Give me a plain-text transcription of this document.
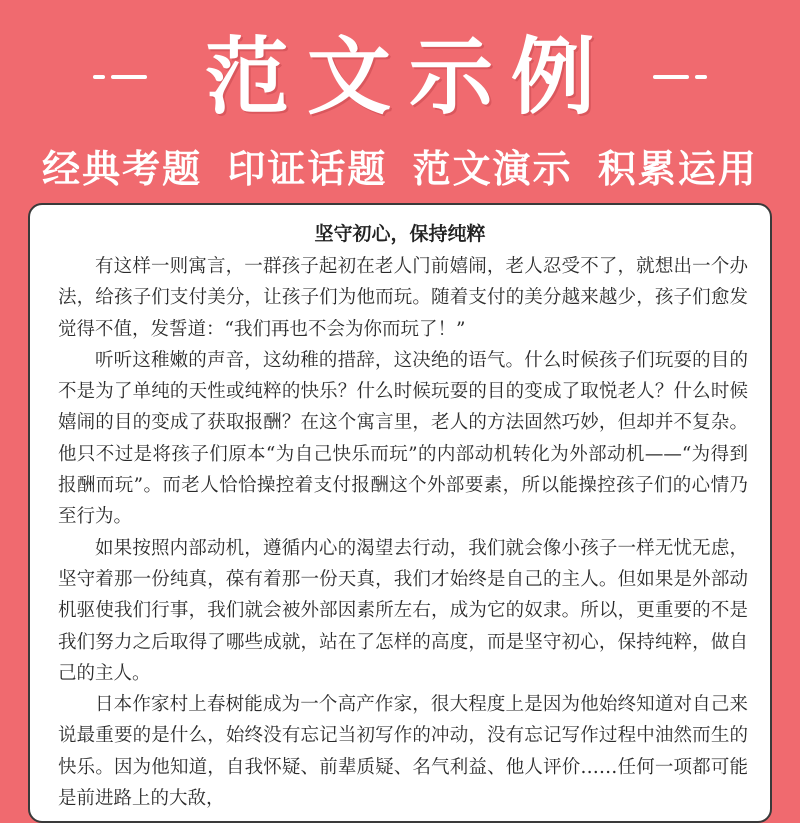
范文示例
经典考题 印证话题 范文演示 积累运用
坚守初心，保持纯粹

有这样一则寓言，一群孩子起初在老人门前嬉闹，老人忍受不了，就想出一个办法，给孩子们支付美分，让孩子们为他而玩。随着支付的美分越来越少，孩子们愈发觉得不值，发誓道：“我们再也不会为你而玩了！”

听听这稚嫩的声音，这幼稚的措辞，这决绝的语气。什么时候孩子们玩耍的目的不是为了单纯的天性或纯粹的快乐？什么时候玩耍的目的变成了取悦老人？什么时候嬉闹的目的变成了获取报酬？在这个寓言里，老人的方法固然巧妙，但却并不复杂。他只不过是将孩子们原本“为自己快乐而玩”的内部动机转化为外部动机——“为得到报酬而玩”。而老人恰恰操控着支付报酬这个外部要素，所以能操控孩子们的心情乃至行为。

如果按照内部动机，遵循内心的渴望去行动，我们就会像小孩子一样无忧无虑，坚守着那一份纯真，葆有着那一份天真，我们才始终是自己的主人。但如果是外部动机驱使我们行事，我们就会被外部因素所左右，成为它的奴隶。所以，更重要的不是我们努力之后取得了哪些成就，站在了怎样的高度，而是坚守初心，保持纯粹，做自己的主人。

日本作家村上春树能成为一个高产作家，很大程度上是因为他始终知道对自己来说最重要的是什么，始终没有忘记当初写作的冲动，没有忘记写作过程中油然而生的快乐。因为他知道，自我怀疑、前辈质疑、名气利益、他人评价……任何一项都可能是前进路上的大敌，
